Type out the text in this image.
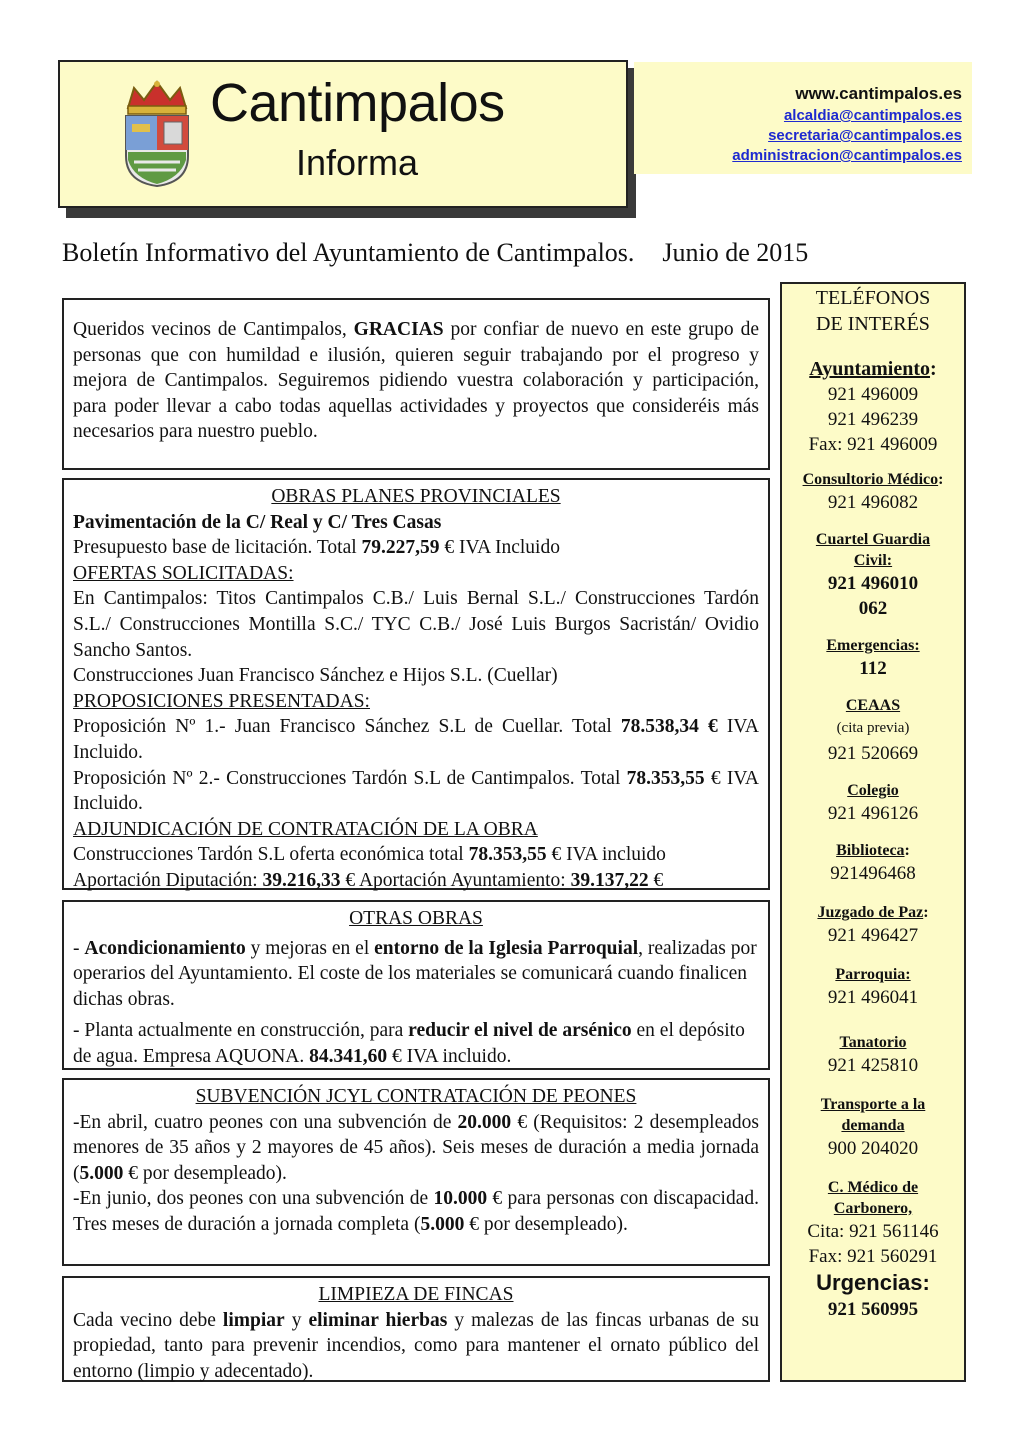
Cantimpalos
Informa
www.cantimpalos.es
alcaldia@cantimpalos.es
secretaria@cantimpalos.es
administracion@cantimpalos.es
Boletín Informativo del Ayuntamiento de Cantimpalos. Junio de 2015

Queridos vecinos de Cantimpalos, GRACIAS por confiar de nuevo en este grupo de personas que con humildad e ilusión, quieren seguir trabajando por el progreso y mejora de Cantimpalos. Seguiremos pidiendo vuestra colaboración y participación, para poder llevar a cabo todas aquellas actividades y proyectos que consideréis más necesarios para nuestro pueblo.

OBRAS PLANES PROVINCIALES

Pavimentación de la C/ Real y C/ Tres Casas

Presupuesto base de licitación. Total 79.227,59 € IVA Incluido

OFERTAS SOLICITADAS:

En Cantimpalos: Titos Cantimpalos C.B./ Luis Bernal S.L./ Construcciones Tardón S.L./ Construcciones Montilla S.C./ TYC C.B./ José Luis Burgos Sacristán/ Ovidio Sancho Santos.

Construcciones Juan Francisco Sánchez e Hijos S.L. (Cuellar)

PROPOSICIONES PRESENTADAS:

Proposición Nº 1.- Juan Francisco Sánchez S.L de Cuellar. Total 78.538,34 € IVA Incluido.

Proposición Nº 2.- Construcciones Tardón S.L de Cantimpalos. Total 78.353,55 € IVA Incluido.

ADJUNDICACIÓN DE CONTRATACIÓN DE LA OBRA

Construcciones Tardón S.L oferta económica total 78.353,55 € IVA incluido

Aportación Diputación: 39.216,33 € Aportación Ayuntamiento: 39.137,22 €

OTRAS OBRAS

- Acondicionamiento y mejoras en el entorno de la Iglesia Parroquial, realizadas por operarios del Ayuntamiento. El coste de los materiales se comunicará cuando finalicen dichas obras.

- Planta actualmente en construcción, para reducir el nivel de arsénico en el depósito de agua. Empresa AQUONA. 84.341,60 € IVA incluido.

SUBVENCIÓN JCYL CONTRATACIÓN DE PEONES

-En abril, cuatro peones con una subvención de 20.000 € (Requisitos: 2 desempleados menores de 35 años y 2 mayores de 45 años). Seis meses de duración a media jornada (5.000 € por desempleado).

-En junio, dos peones con una subvención de 10.000 € para personas con discapacidad. Tres meses de duración a jornada completa (5.000 € por desempleado).

LIMPIEZA DE FINCAS

Cada vecino debe limpiar y eliminar hierbas y malezas de las fincas urbanas de su propiedad, tanto para prevenir incendios, como para mantener el ornato público del entorno (limpio y adecentado).

TELÉFONOS
DE INTERÉS
Ayuntamiento:
921 496009
921 496239
Fax: 921 496009
Consultorio Médico:
921 496082
Cuartel Guardia
Civil:
921 496010
062
Emergencias:
112
CEAAS
(cita previa)
921 520669
Colegio
921 496126
Biblioteca:
921496468
Juzgado de Paz:
921 496427
Parroquia:
921 496041
Tanatorio
921 425810
Transporte a la
demanda
900 204020
C. Médico de
Carbonero,
Cita: 921 561146
Fax: 921 560291
Urgencias:
921 560995
